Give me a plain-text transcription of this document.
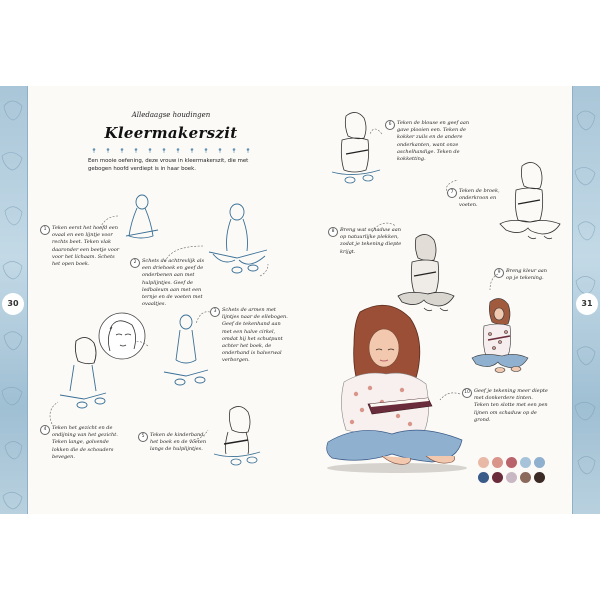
30	31
Alledaagse houdingen
Kleermakerszit
Een mooie oefening, deze vrouw in kleermakerszit, die met gebogen hoofd verdiept is in haar boek.
1	Teken eerst het hoofd een ovaal en een lijntje voor rechts beet. Teken vlak daaronder een beetje voor voor het lichaam. Schets het open boek.	2	Schets de achtrevlijk als een driehoek en geef de onderbenen aan met hulplijntjes. Geef de ledbaleum aan met een ternje en de voeten met ovaaltjes.
3	Schets de armen met lijntjes naar de ellebogen. Geef de tekenhand aan met een halve cirkel, omdat hij het schutpunt achter het boek, de onderhand is halverwal verborgen.
4	Teken het gezicht en de ondijning van het gezicht. Teken lange, golvende lokken die de schouders bevegen.
5	Teken de kinderband, het boek en de voeten langs de hulplijntjes.
6	Teken de blouse en geef aan gave plooien een. Teken de kokker zuils en de andere onderkanten, want onze aschelhandige. Teken de kokketting.
7	Teken de broek, onderkroon en voeten.
8	Breng wat schaduw aan op natuurlijke plekken, zodat je tekening diepte krijgt.
9	Breng kleur aan op je tekening.
10 Geef je tekening meer diepte met donkerdere tinten. Teken ten slotte met een pen lijnen om schaduw op de grond.
